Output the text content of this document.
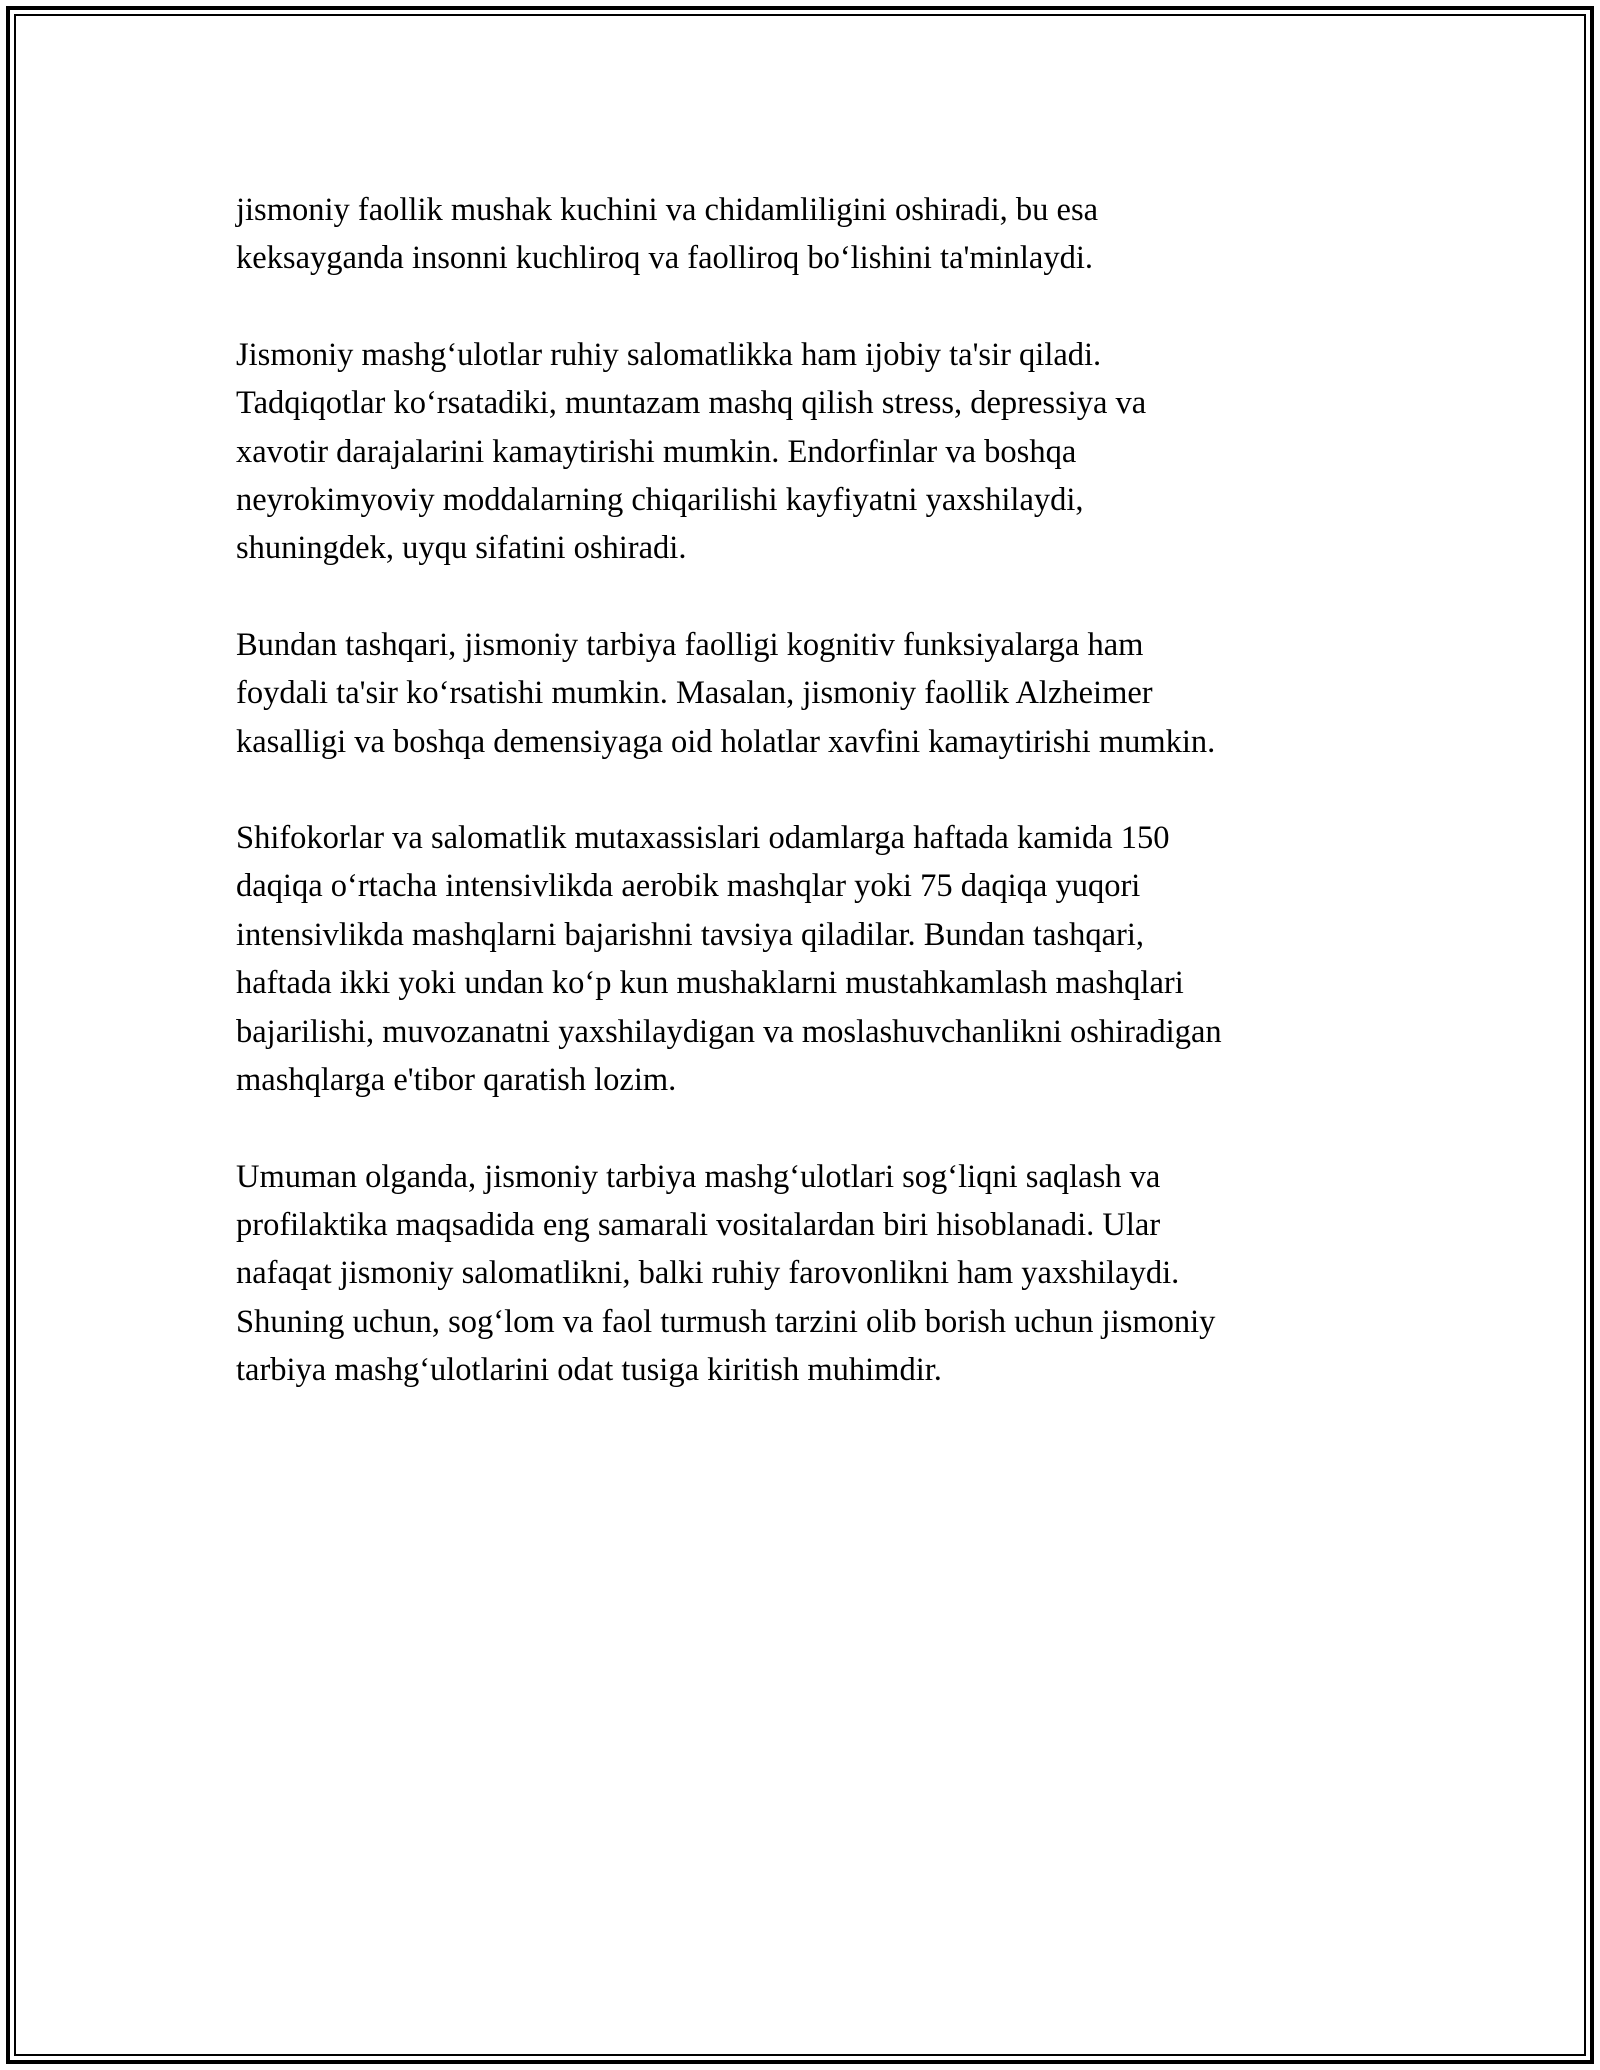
jismoniy faollik mushak kuchini va chidamliligini oshiradi, bu esa
keksayganda insonni kuchliroq va faolliroq bo‘lishini ta'minlaydi.

Jismoniy mashg‘ulotlar ruhiy salomatlikka ham ijobiy ta'sir qiladi.
Tadqiqotlar ko‘rsatadiki, muntazam mashq qilish stress, depressiya va
xavotir darajalarini kamaytirishi mumkin. Endorfinlar va boshqa
neyrokimyoviy moddalarning chiqarilishi kayfiyatni yaxshilaydi,
shuningdek, uyqu sifatini oshiradi.

Bundan tashqari, jismoniy tarbiya faolligi kognitiv funksiyalarga ham
foydali ta'sir ko‘rsatishi mumkin. Masalan, jismoniy faollik Alzheimer
kasalligi va boshqa demensiyaga oid holatlar xavfini kamaytirishi mumkin.

Shifokorlar va salomatlik mutaxassislari odamlarga haftada kamida 150
daqiqa o‘rtacha intensivlikda aerobik mashqlar yoki 75 daqiqa yuqori
intensivlikda mashqlarni bajarishni tavsiya qiladilar. Bundan tashqari,
haftada ikki yoki undan ko‘p kun mushaklarni mustahkamlash mashqlari
bajarilishi, muvozanatni yaxshilaydigan va moslashuvchanlikni oshiradigan
mashqlarga e'tibor qaratish lozim.

Umuman olganda, jismoniy tarbiya mashg‘ulotlari sog‘liqni saqlash va
profilaktika maqsadida eng samarali vositalardan biri hisoblanadi. Ular
nafaqat jismoniy salomatlikni, balki ruhiy farovonlikni ham yaxshilaydi.
Shuning uchun, sog‘lom va faol turmush tarzini olib borish uchun jismoniy
tarbiya mashg‘ulotlarini odat tusiga kiritish muhimdir.
